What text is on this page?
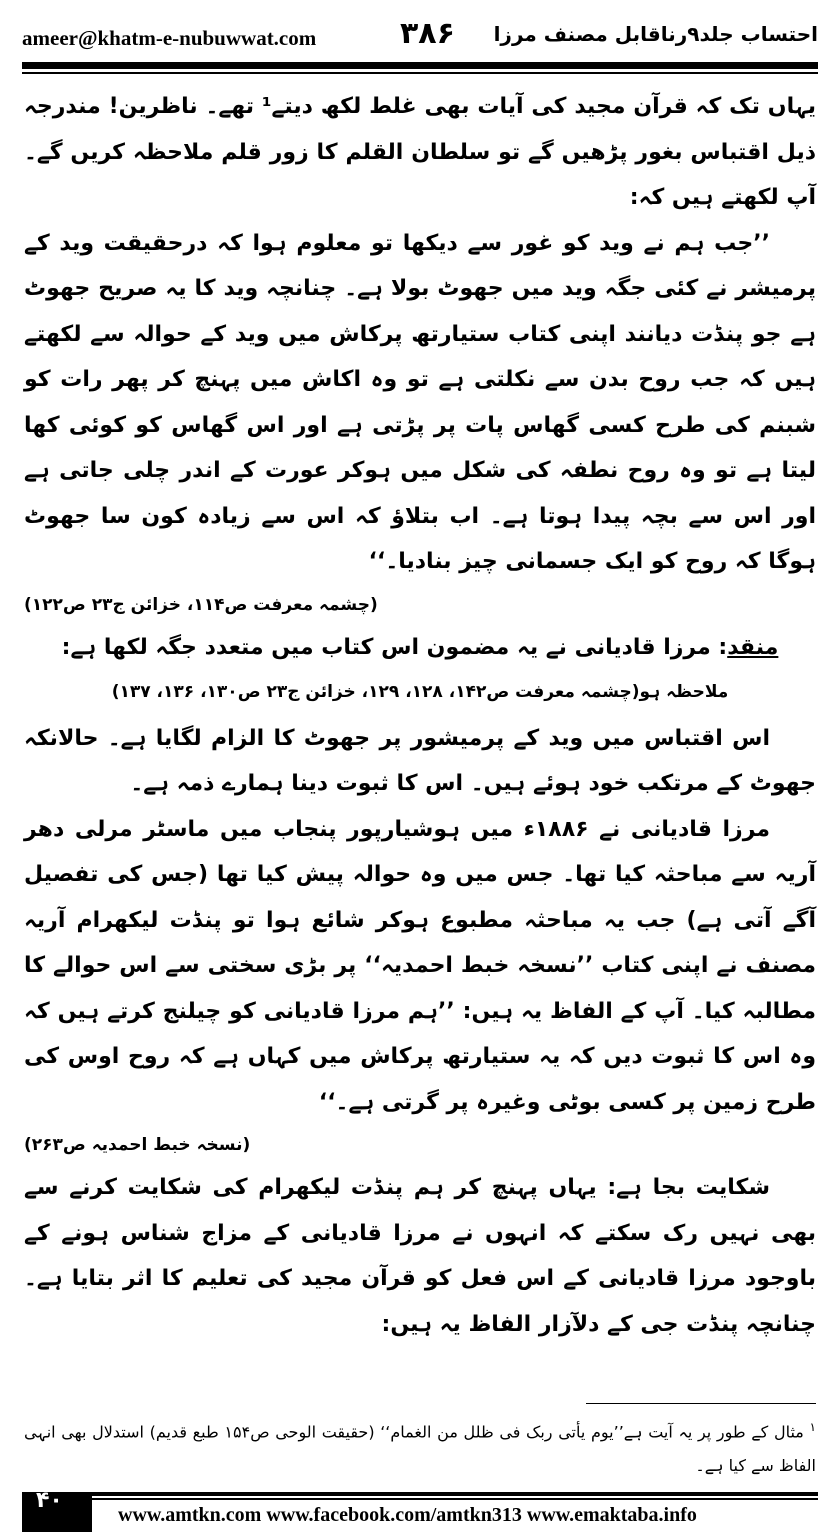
ameer@khatm-e-nubuwwat.com	۳۸۶ احتساب جلد۹رناقابل مصنف مرزا

یہاں تک کہ قرآن مجید کی آیات بھی غلط لکھ دیتے¹ تھے۔ ناظرین! مندرجہ ذیل اقتباس بغور پڑھیں گے تو سلطان القلم کا زور قلم ملاحظہ کریں گے۔ آپ لکھتے ہیں کہ:

’’جب ہم نے وید کو غور سے دیکھا تو معلوم ہوا کہ درحقیقت وید کے پرمیشر نے کئی جگہ وید میں جھوٹ بولا ہے۔ چنانچہ وید کا یہ صریح جھوٹ ہے جو پنڈت دیانند اپنی کتاب ستیارتھ پرکاش میں وید کے حوالہ سے لکھتے ہیں کہ جب روح بدن سے نکلتی ہے تو وہ اکاش میں پہنچ کر پھر رات کو شبنم کی طرح کسی گھاس پات پر پڑتی ہے اور اس گھاس کو کوئی کھا لیتا ہے تو وہ روح نطفہ کی شکل میں ہوکر عورت کے اندر چلی جاتی ہے اور اس سے بچہ پیدا ہوتا ہے۔ اب بتلاؤ کہ اس سے زیادہ کون سا جھوٹ ہوگا کہ روح کو ایک جسمانی چیز بنادیا۔‘‘

(چشمہ معرفت ص۱۱۴، خزائن ج۲۳ ص۱۲۲)

منقد: مرزا قادیانی نے یہ مضمون اس کتاب میں متعدد جگہ لکھا ہے:

ملاحظہ ہو(چشمہ معرفت ص۱۴۲، ۱۲۸، ۱۲۹، خزائن ج۲۳ ص۱۳۰، ۱۳۶، ۱۳۷)

اس اقتباس میں وید کے پرمیشور پر جھوٹ کا الزام لگایا ہے۔ حالانکہ جھوٹ کے مرتکب خود ہوئے ہیں۔ اس کا ثبوت دینا ہمارے ذمہ ہے۔

مرزا قادیانی نے ۱۸۸۶ء میں ہوشیارپور پنجاب میں ماسٹر مرلی دھر آریہ سے مباحثہ کیا تھا۔ جس میں وہ حوالہ پیش کیا تھا (جس کی تفصیل آگے آتی ہے) جب یہ مباحثہ مطبوع ہوکر شائع ہوا تو پنڈت لیکھرام آریہ مصنف نے اپنی کتاب ’’نسخہ خبط احمدیہ‘‘ پر بڑی سختی سے اس حوالے کا مطالبہ کیا۔ آپ کے الفاظ یہ ہیں: ’’ہم مرزا قادیانی کو چیلنج کرتے ہیں کہ وہ اس کا ثبوت دیں کہ یہ ستیارتھ پرکاش میں کہاں ہے کہ روح اوس کی طرح زمین پر کسی بوٹی وغیرہ پر گرتی ہے۔‘‘

(نسخہ خبط احمدیہ ص۲۶۳)

شکایت بجا ہے: یہاں پہنچ کر ہم پنڈت لیکھرام کی شکایت کرنے سے بھی نہیں رک سکتے کہ انہوں نے مرزا قادیانی کے مزاج شناس ہونے کے باوجود مرزا قادیانی کے اس فعل کو قرآن مجید کی تعلیم کا اثر بتایا ہے۔ چنانچہ پنڈت جی کے دلآزار الفاظ یہ ہیں:

$^۱$ مثال کے طور پر یہ آیت ہے’’یوم یأتی ربک فی ظلل من الغمام‘‘ (حقیقت الوحی ص۱۵۴ طبع قدیم) استدلال بھی انہی الفاظ سے کیا ہے۔

۴۰
www.amtkn.com www.facebook.com/amtkn313 www.emaktaba.info
